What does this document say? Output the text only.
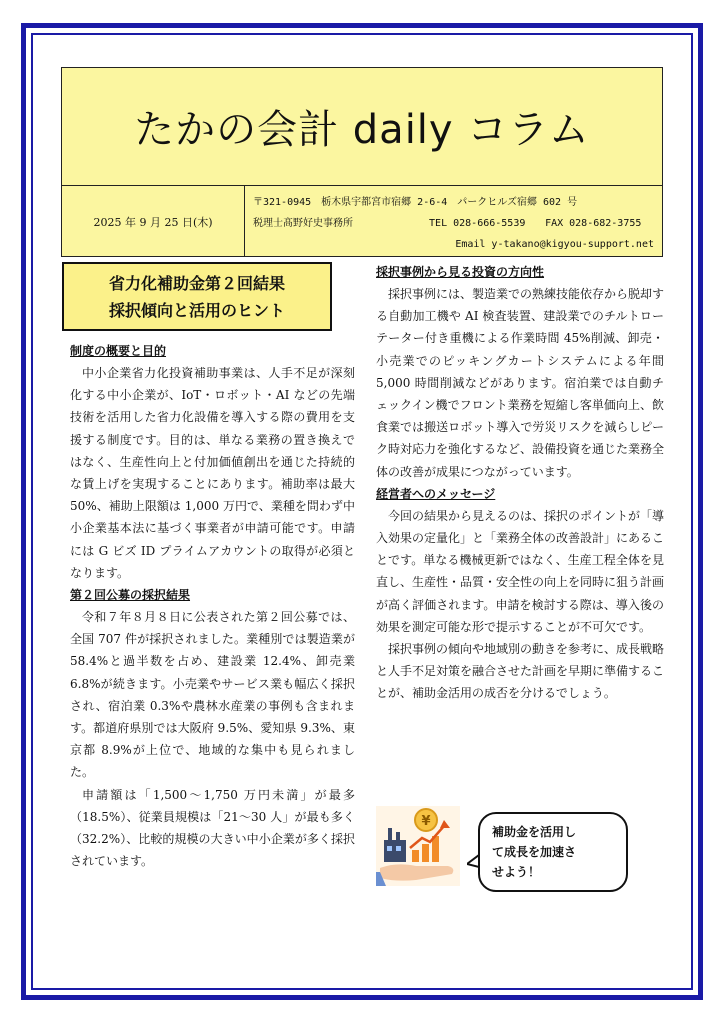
たかの会計 daily コラム
2025 年 9 月 25 日(木)
〒321-0945　栃木県宇都宮市宿郷 2-6-4　パークヒルズ宿郷 602 号
税理士髙野好史事務所	TEL 028-666-5539 FAX 028-682-3755
Email y-takano@kigyou-support.net
省力化補助金第２回結果
採択傾向と活用のヒント
制度の概要と目的
中小企業省力化投資補助事業は、人手不足が深刻化する中小企業が、IoT・ロボット・AI などの先端技術を活用した省力化設備を導入する際の費用を支援する制度です。目的は、単なる業務の置き換えではなく、生産性向上と付加価値創出を通じた持続的な賃上げを実現することにあります。補助率は最大 50%、補助上限額は 1,000 万円で、業種を問わず中小企業基本法に基づく事業者が申請可能です。申請には G ビズ ID プライムアカウントの取得が必須となります。
第２回公募の採択結果
令和７年８月８日に公表された第２回公募では、全国 707 件が採択されました。業種別では製造業が 58.4%と過半数を占め、建設業 12.4%、卸売業 6.8%が続きます。小売業やサービス業も幅広く採択され、宿泊業 0.3%や農林水産業の事例も含まれます。都道府県別では大阪府 9.5%、愛知県 9.3%、東京都 8.9%が上位で、地域的な集中も見られました。
申請額は「1,500～1,750 万円未満」が最多（18.5%）、従業員規模は「21～30 人」が最も多く（32.2%）、比較的規模の大きい中小企業が多く採択されています。
採択事例から見る投資の方向性
採択事例には、製造業での熟練技能依存から脱却する自動加工機や AI 検査装置、建設業でのチルトローテーター付き重機による作業時間 45%削減、卸売・小売業でのピッキングカートシステムによる年間 5,000 時間削減などがあります。宿泊業では自動チェックイン機でフロント業務を短縮し客単価向上、飲食業では搬送ロボット導入で労災リスクを減らしピーク時対応力を強化するなど、設備投資を通じた業務全体の改善が成果につながっています。
経営者へのメッセージ
今回の結果から見えるのは、採択のポイントが「導入効果の定量化」と「業務全体の改善設計」にあることです。単なる機械更新ではなく、生産工程全体を見直し、生産性・品質・安全性の向上を同時に狙う計画が高く評価されます。申請を検討する際は、導入後の効果を測定可能な形で提示することが不可欠です。
採択事例の傾向や地域別の動きを参考に、成長戦略と人手不足対策を融合させた計画を早期に準備することが、補助金活用の成否を分けるでしょう。
¥
補助金を活用し
て成長を加速さ
せよう！
